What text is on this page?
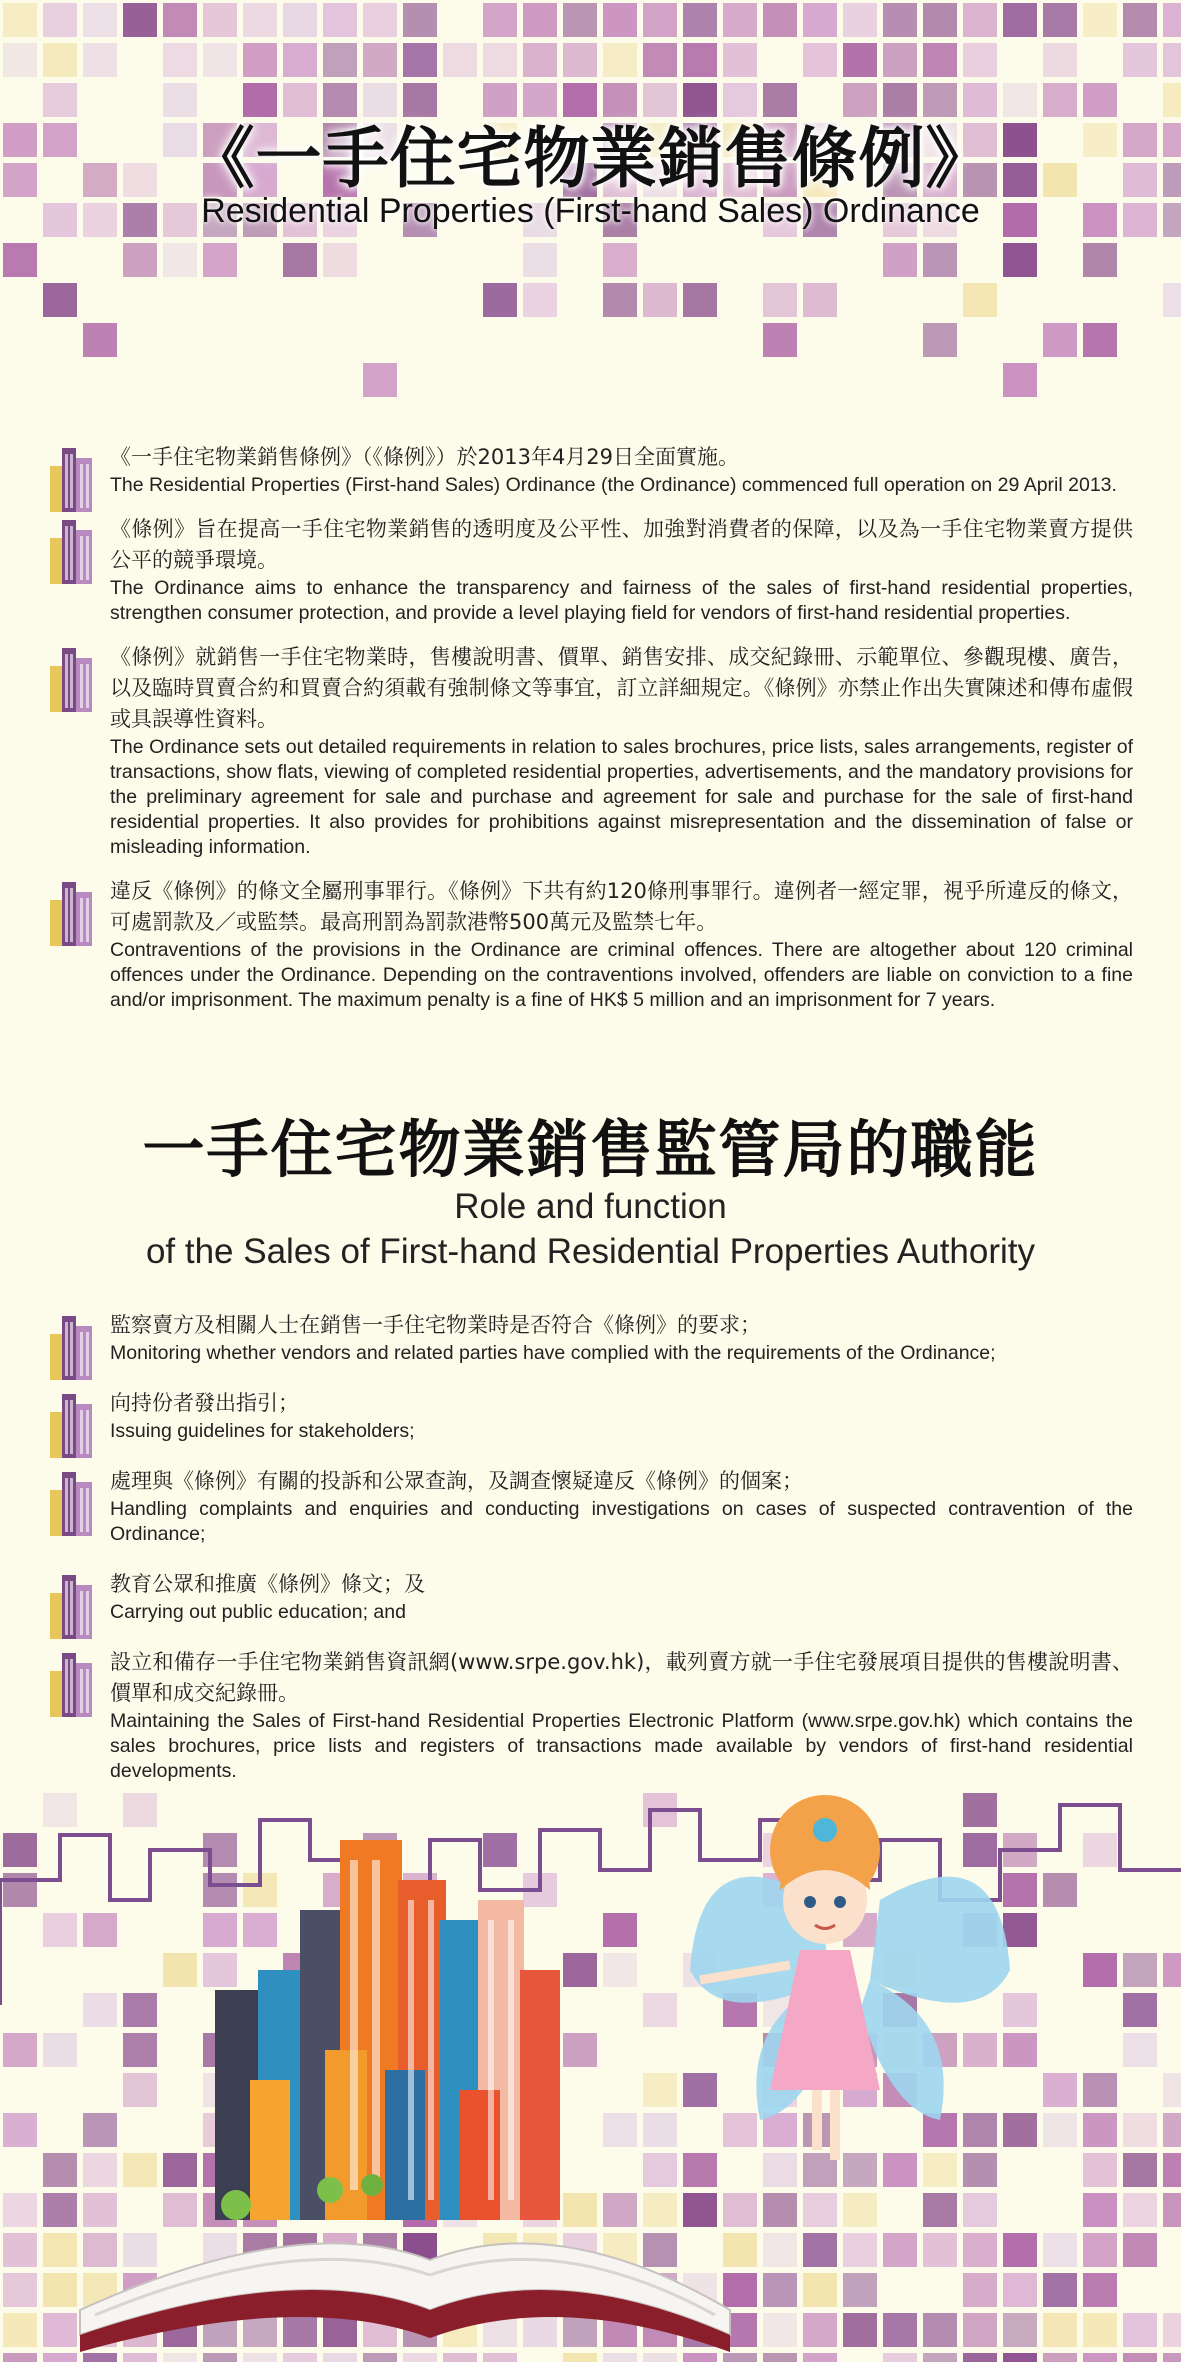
《一手住宅物業銷售條例》
Residential Properties (First-hand Sales) Ordinance
《一手住宅物業銷售條例》（《條例》）於2013年4月29日全面實施。
The Residential Properties (First-hand Sales) Ordinance (the Ordinance) commenced full operation on 29 April 2013.
《條例》旨在提高一手住宅物業銷售的透明度及公平性、加強對消費者的保障，以及為一手住宅物業賣方提供公平的競爭環境。
The Ordinance aims to enhance the transparency and fairness of the sales of first-hand residential properties, strengthen consumer protection, and provide a level playing field for vendors of first-hand residential properties.
《條例》就銷售一手住宅物業時，售樓說明書、價單、銷售安排、成交紀錄冊、示範單位、參觀現樓、廣告，以及臨時買賣合約和買賣合約須載有強制條文等事宜，訂立詳細規定。《條例》亦禁止作出失實陳述和傳布虛假或具誤導性資料。
The Ordinance sets out detailed requirements in relation to sales brochures, price lists, sales arrangements, register of transactions, show flats, viewing of completed residential properties, advertisements, and the mandatory provisions for the preliminary agreement for sale and purchase and agreement for sale and purchase for the sale of first-hand residential properties. It also provides for prohibitions against misrepresentation and the dissemination of false or misleading information.
違反《條例》的條文全屬刑事罪行。《條例》下共有約120條刑事罪行。違例者一經定罪，視乎所違反的條文，可處罰款及／或監禁。最高刑罰為罰款港幣500萬元及監禁七年。
Contraventions of the provisions in the Ordinance are criminal offences. There are altogether about 120 criminal offences under the Ordinance. Depending on the contraventions involved, offenders are liable on conviction to a fine and/or imprisonment. The maximum penalty is a fine of HK$ 5 million and an imprisonment for 7 years.
一手住宅物業銷售監管局的職能
Role and function
of the Sales of First-hand Residential Properties Authority
監察賣方及相關人士在銷售一手住宅物業時是否符合《條例》的要求；
Monitoring whether vendors and related parties have complied with the requirements of the Ordinance;
向持份者發出指引；
Issuing guidelines for stakeholders;
處理與《條例》有關的投訴和公眾查詢，及調查懷疑違反《條例》的個案；
Handling complaints and enquiries and conducting investigations on cases of suspected contravention of the Ordinance;
教育公眾和推廣《條例》條文；及
Carrying out public education; and
設立和備存一手住宅物業銷售資訊網(www.srpe.gov.hk)，載列賣方就一手住宅發展項目提供的售樓說明書、價單和成交紀錄冊。
Maintaining the Sales of First-hand Residential Properties Electronic Platform (www.srpe.gov.hk) which contains the sales brochures, price lists and registers of transactions made available by vendors of first-hand residential developments.
